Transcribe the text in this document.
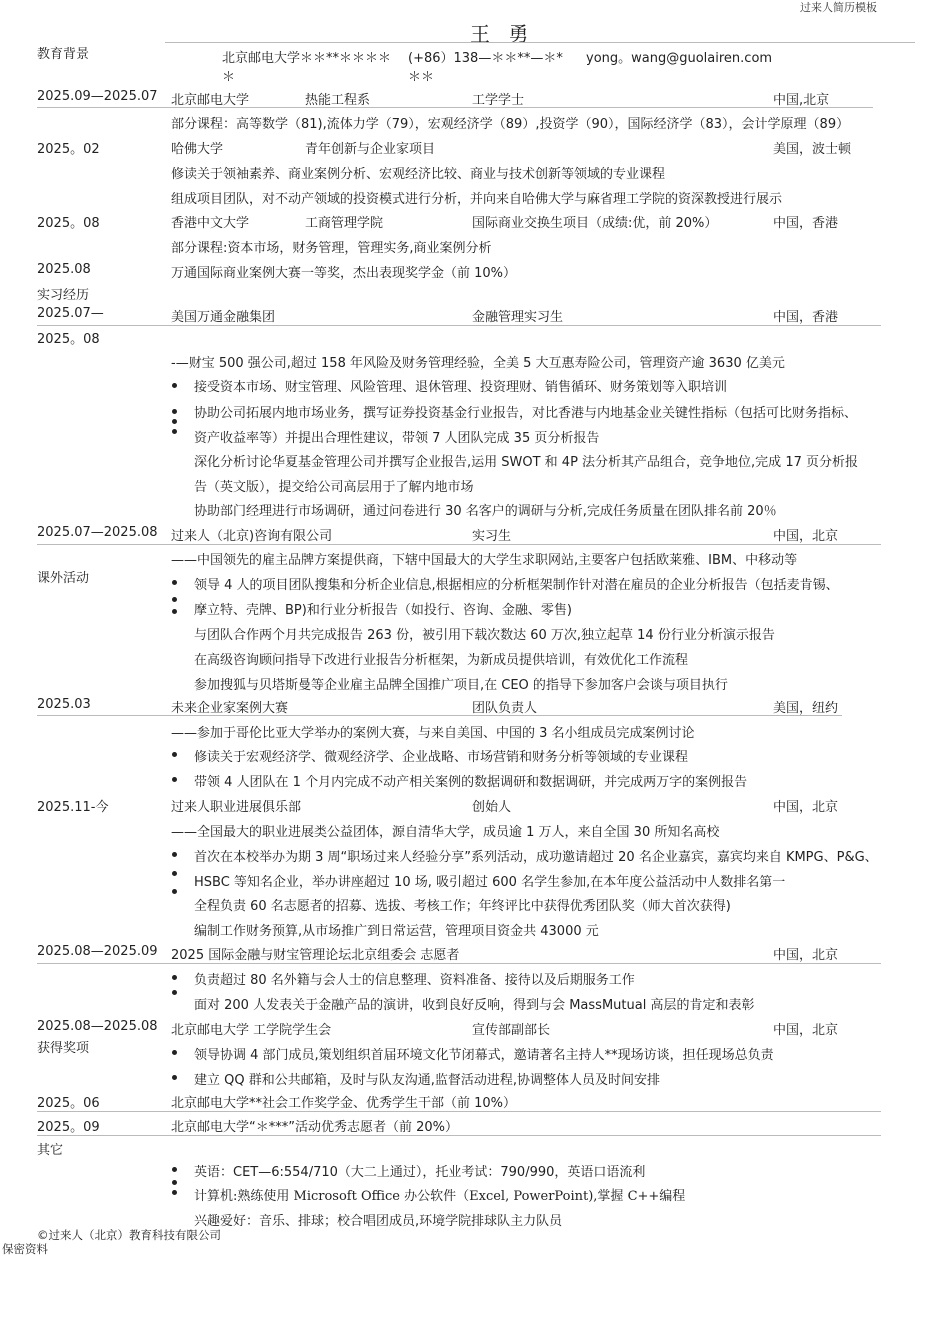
过来人简历模板
王 勇
教育背景	北京邮电大学＊＊**＊＊＊＊
＊
(+86）138—＊＊**—＊*
＊＊
yong。wang@guolairen.com
2025.09—2025.07 北京邮电大学	热能工程系	工学学士	中国,北京
部分课程：高等数学（81),流体力学（79），宏观经济学（89）,投资学（90），国际经济学（83），会计学原理（89）
2025。02	哈佛大学	青年创新与企业家项目	美国，波士顿
修读关于领袖素养、商业案例分析、宏观经济比较、商业与技术创新等领域的专业课程
组成项目团队，对不动产领域的投资模式进行分析，并向来自哈佛大学与麻省理工学院的资深教授进行展示
2025。08	香港中文大学	工商管理学院	国际商业交换生项目（成绩:优，前 20%）	中国，香港
部分课程:资本市场，财务管理，管理实务,商业案例分析
2025.08	万通国际商业案例大赛一等奖，杰出表现奖学金（前 10%）
实习经历
2025.07—	美国万通金融集团	金融管理实习生	中国，香港
2025。08
-—财宝 500 强公司,超过 158 年风险及财务管理经验，全美 5 大互惠寿险公司，管理资产逾 3630 亿美元
接受资本市场、财宝管理、风险管理、退休管理、投资理财、销售循环、财务策划等入职培训
协助公司拓展内地市场业务，撰写证券投资基金行业报告，对比香港与内地基金业关键性指标（包括可比财务指标、
资产收益率等）并提出合理性建议，带领 7 人团队完成 35 页分析报告
深化分析讨论华夏基金管理公司并撰写企业报告,运用 SWOT 和 4P 法分析其产品组合，竞争地位,完成 17 页分析报
告（英文版），提交给公司高层用于了解内地市场
协助部门经理进行市场调研，通过问卷进行 30 名客户的调研与分析,完成任务质量在团队排名前 20％
2025.07—2025.08 过来人（北京)咨询有限公司	实习生	中国，北京
——中国领先的雇主品牌方案提供商，下辖中国最大的大学生求职网站,主要客户包括欧莱雅、IBM、中移动等
课外活动	领导 4 人的项目团队搜集和分析企业信息,根据相应的分析框架制作针对潜在雇员的企业分析报告（包括麦肯锡、
摩立特、壳牌、BP)和行业分析报告（如投行、咨询、金融、零售)
与团队合作两个月共完成报告 263 份，被引用下载次数达 60 万次,独立起草 14 份行业分析演示报告
在高级咨询顾问指导下改进行业报告分析框架，为新成员提供培训，有效优化工作流程
参加搜狐与贝塔斯曼等企业雇主品牌全国推广项目,在 CEO 的指导下参加客户会谈与项目执行
2025.03	未来企业家案例大赛	团队负责人	美国，纽约
——参加于哥伦比亚大学举办的案例大赛，与来自美国、中国的 3 名小组成员完成案例讨论
修读关于宏观经济学、微观经济学、企业战略、市场营销和财务分析等领域的专业课程
带领 4 人团队在 1 个月内完成不动产相关案例的数据调研和数据调研，并完成两万字的案例报告
2025.11-今	过来人职业进展俱乐部	创始人	中国，北京
——全国最大的职业进展类公益团体，源自清华大学，成员逾 1 万人，来自全国 30 所知名高校
首次在本校举办为期 3 周“职场过来人经验分享”系列活动，成功邀请超过 20 名企业嘉宾，嘉宾均来自 KMPG、P&G、
HSBC 等知名企业，举办讲座超过 10 场, 吸引超过 600 名学生参加,在本年度公益活动中人数排名第一
全程负责 60 名志愿者的招募、选拔、考核工作；年终评比中获得优秀团队奖（师大首次获得)
编制工作财务预算,从市场推广到日常运营，管理项目资金共 43000 元
2025.08—2025.09 2025 国际金融与财宝管理论坛北京组委会 志愿者	中国，北京
负责超过 80 名外籍与会人士的信息整理、资料准备、接待以及后期服务工作
面对 200 人发表关于金融产品的演讲，收到良好反响，得到与会 MassMutual 高层的肯定和表彰
2025.08—2025.08 北京邮电大学 工学院学生会	宣传部副部长	中国，北京
获得奖项	领导协调 4 部门成员,策划组织首届环境文化节闭幕式，邀请著名主持人**现场访谈，担任现场总负责
建立 QQ 群和公共邮箱，及时与队友沟通,监督活动进程,协调整体人员及时间安排
2025。06	北京邮电大学**社会工作奖学金、优秀学生干部（前 10%）
2025。09	北京邮电大学“＊***”活动优秀志愿者（前 20%）
其它
英语：CET—6:554/710（大二上通过），托业考试：790/990，英语口语流利
计算机:熟练使用 Microsoft Office 办公软件（Excel, PowerPoint),掌握 C++编程
兴趣爱好：音乐、排球；校合唱团成员,环境学院排球队主力队员
©过来人（北京）教育科技有限公司
保密资料
